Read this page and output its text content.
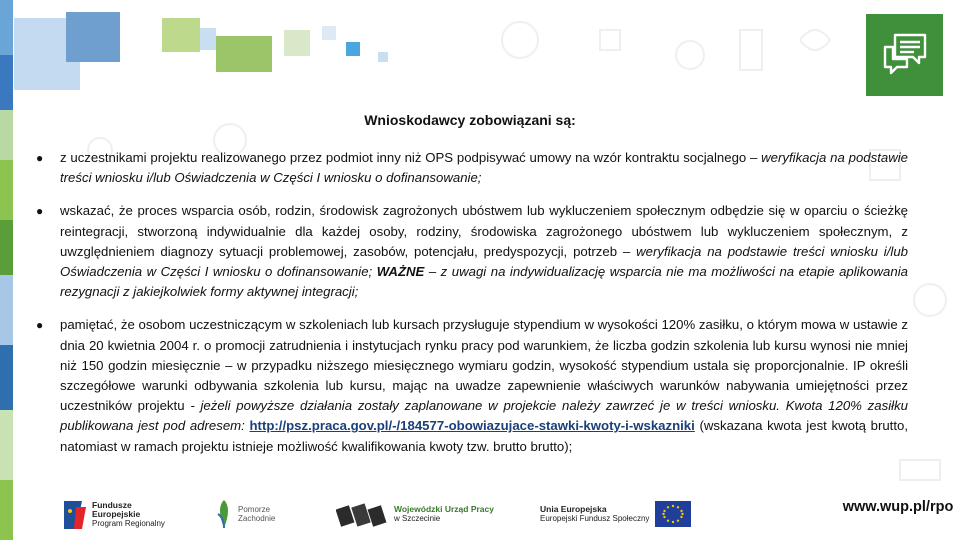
Wnioskodawcy zobowiązani są:
● z uczestnikami projektu realizowanego przez podmiot inny niż OPS podpisywać umowy na wzór kontraktu socjalnego – weryfikacja na podstawie treści wniosku i/lub Oświadczenia w Części I wniosku o dofinansowanie;
● wskazać, że proces wsparcia osób, rodzin, środowisk zagrożonych ubóstwem lub wykluczeniem społecznym odbędzie się w oparciu o ścieżkę reintegracji, stworzoną indywidualnie dla każdej osoby, rodziny, środowiska zagrożonego ubóstwem lub wykluczeniem społecznym, z uwzględnieniem diagnozy sytuacji problemowej, zasobów, potencjału, predyspozycji, potrzeb – weryfikacja na podstawie treści wniosku i/lub Oświadczenia w Części I wniosku o dofinansowanie; WAŻNE – z uwagi na indywidualizację wsparcia nie ma możliwości na etapie aplikowania rezygnacji z jakiejkolwiek formy aktywnej integracji;
● pamiętać, że osobom uczestniczącym w szkoleniach lub kursach przysługuje stypendium w wysokości 120% zasiłku, o którym mowa w ustawie z dnia 20 kwietnia 2004 r. o promocji zatrudnienia i instytucjach rynku pracy pod warunkiem, że liczba godzin szkolenia lub kursu wynosi nie mniej niż 150 godzin miesięcznie – w przypadku niższego miesięcznego wymiaru godzin, wysokość stypendium ustala się proporcjonalnie. IP określi szczegółowe warunki odbywania szkolenia lub kursu, mając na uwadze zapewnienie właściwych warunków nabywania umiejętności przez uczestników projektu - jeżeli powyższe działania zostały zaplanowane w projekcie należy zawrzeć je w treści wniosku. Kwota 120% zasiłku publikowana jest pod adresem: http://psz.praca.gov.pl/-/184577-obowiazujace-stawki-kwoty-i-wskazniki (wskazana kwota jest kwotą brutto, natomiast w ramach projektu istnieje możliwość kwalifikowania kwoty tzw. brutto brutto);
Fundusze
Europejskie
Program Regionalny
Pomorze
Zachodnie
Wojewódzki Urząd Pracy
w Szczecinie
Unia Europejska
Europejski Fundusz Społeczny
www.wup.pl/rpo
